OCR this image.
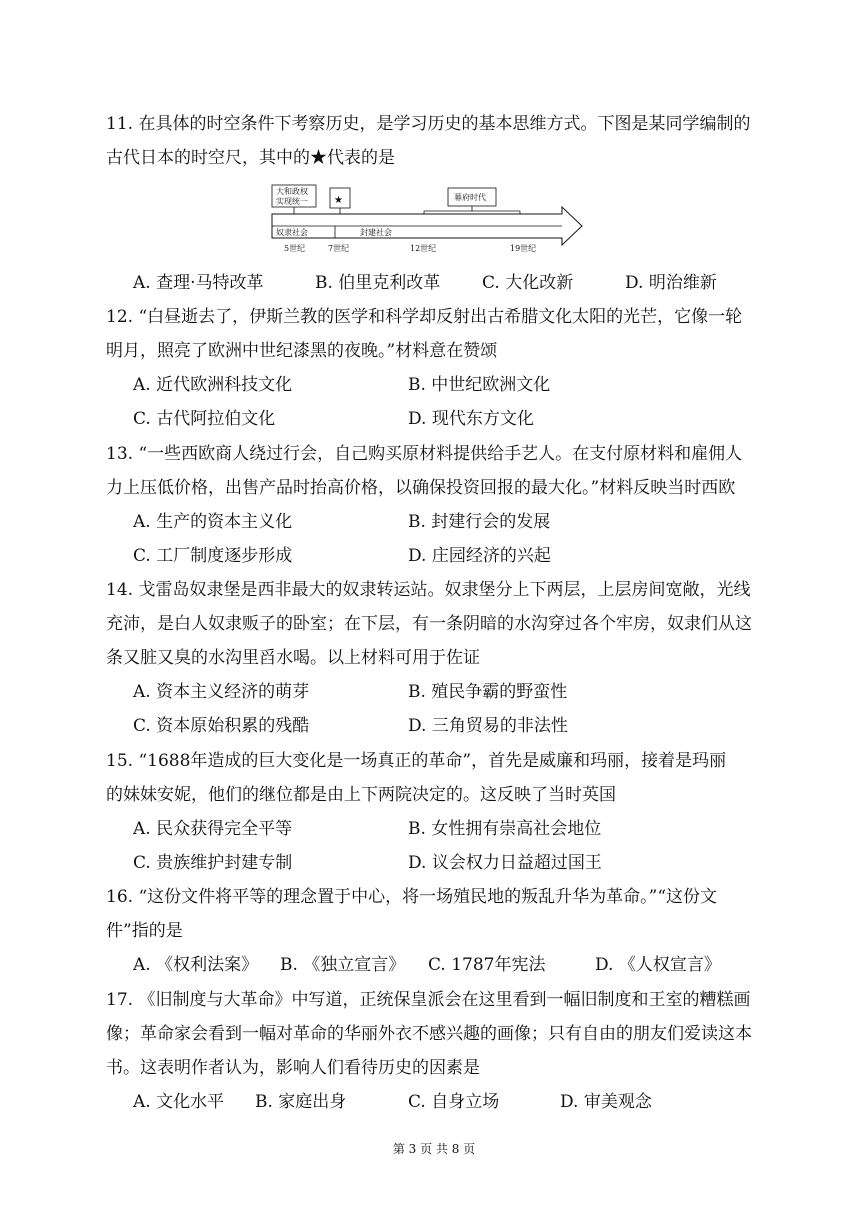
11. 在具体的时空条件下考察历史，是学习历史的基本思维方式。下图是某同学编制的
古代日本的时空尺，其中的★代表的是
大和政权
实现统一	★	幕府时代
奴隶社会	封建社会
5世纪	7世纪	12世纪	19世纪
A. 查理·马特改革	B. 伯里克利改革 C. 大化改新	D. 明治维新
12. “白昼逝去了，伊斯兰教的医学和科学却反射出古希腊文化太阳的光芒，它像一轮
明月，照亮了欧洲中世纪漆黑的夜晚。”材料意在赞颂
A. 近代欧洲科技文化	B. 中世纪欧洲文化
C. 古代阿拉伯文化	D. 现代东方文化
13. “一些西欧商人绕过行会，自己购买原材料提供给手艺人。在支付原材料和雇佣人
力上压低价格，出售产品时抬高价格，以确保投资回报的最大化。”材料反映当时西欧
A. 生产的资本主义化	B. 封建行会的发展
C. 工厂制度逐步形成	D. 庄园经济的兴起
14. 戈雷岛奴隶堡是西非最大的奴隶转运站。奴隶堡分上下两层，上层房间宽敞，光线
充沛，是白人奴隶贩子的卧室；在下层，有一条阴暗的水沟穿过各个牢房，奴隶们从这
条又脏又臭的水沟里舀水喝。以上材料可用于佐证
A. 资本主义经济的萌芽	B. 殖民争霸的野蛮性
C. 资本原始积累的残酷	D. 三角贸易的非法性
15. “1688年造成的巨大变化是一场真正的革命”，首先是威廉和玛丽，接着是玛丽
的妹妹安妮，他们的继位都是由上下两院决定的。这反映了当时英国
A. 民众获得完全平等	B. 女性拥有崇高社会地位
C. 贵族维护封建专制	D. 议会权力日益超过国王
16. “这份文件将平等的理念置于中心，将一场殖民地的叛乱升华为革命。”“这份文
件”指的是
A. 《权利法案》 B. 《独立宣言》 C. 1787年宪法	D. 《人权宣言》
17. 《旧制度与大革命》中写道，正统保皇派会在这里看到一幅旧制度和王室的糟糕画
像；革命家会看到一幅对革命的华丽外衣不感兴趣的画像；只有自由的朋友们爱读这本
书。这表明作者认为，影响人们看待历史的因素是
A. 文化水平 B. 家庭出身	C. 自身立场	D. 审美观念
第 3 页 共 8 页
